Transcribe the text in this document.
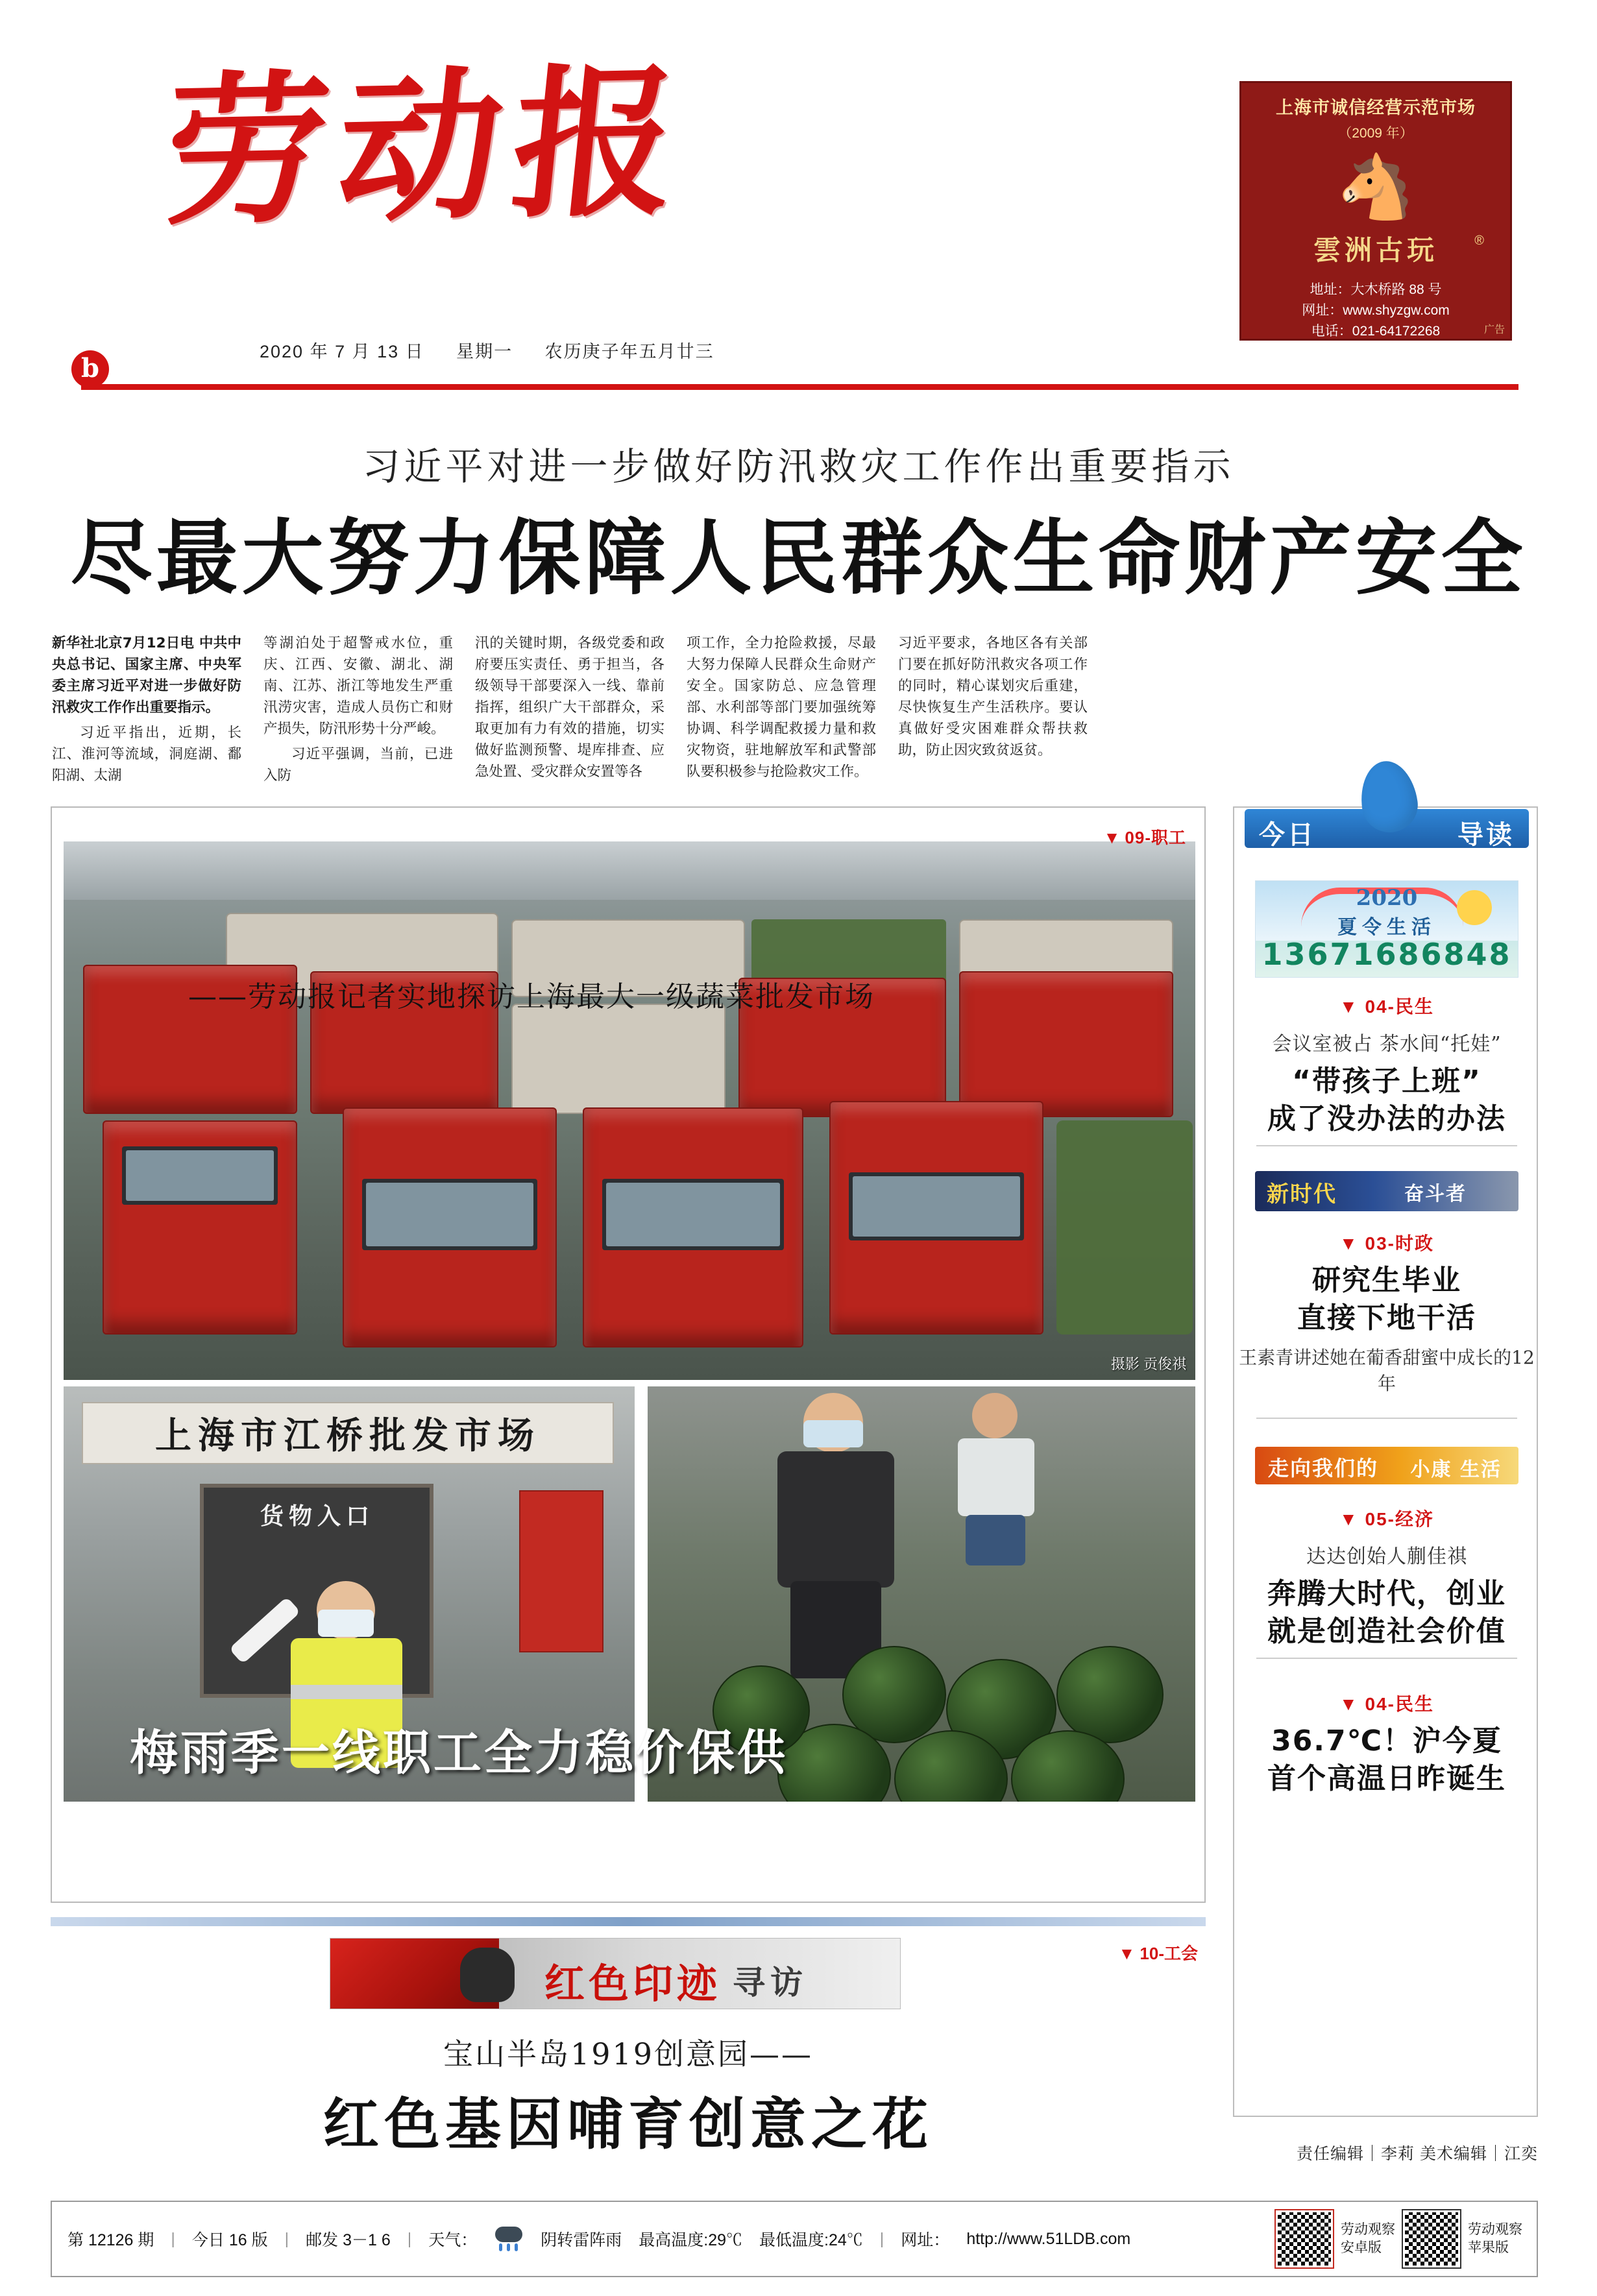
劳动报
b
2020 年 7 月 13 日 星期一 农历庚子年五月廿三
上海市诚信经营示范市场
（2009 年）
🐴
®
雲洲古玩
地址：大木桥路 88 号
网址：www.shyzgw.com
电话：021-64172268	广告
习近平对进一步做好防汛救灾工作作出重要指示
尽最大努力保障人民群众生命财产安全

新华社北京7月12日电 中共中央总书记、国家主席、中央军委主席习近平对进一步做好防汛救灾工作作出重要指示。

习近平指出，近期，长江、淮河等流域，洞庭湖、鄱阳湖、太湖

等湖泊处于超警戒水位，重庆、江西、安徽、湖北、湖南、江苏、浙江等地发生严重汛涝灾害，造成人员伤亡和财产损失，防汛形势十分严峻。

习近平强调，当前，已进入防

汛的关键时期，各级党委和政府要压实责任、勇于担当，各级领导干部要深入一线、靠前指挥，组织广大干部群众，采取更加有力有效的措施，切实做好监测预警、堤库排查、应急处置、受灾群众安置等各

项工作，全力抢险救援，尽最大努力保障人民群众生命财产安全。国家防总、应急管理部、水利部等部门要加强统筹协调、科学调配救援力量和救灾物资，驻地解放军和武警部队要积极参与抢险救灾工作。

习近平要求，各地区各有关部门要在抓好防汛救灾各项工作的同时，精心谋划灾后重建，尽快恢复生产生活秩序。要认真做好受灾困难群众帮扶救助，防止因灾致贫返贫。

▼ 09-职工
摄影 贡俊祺
上海市江桥批发市场
货物入口
梅雨季一线职工全力稳价保供
——劳动报记者实地探访上海最大一级蔬菜批发市场
▼ 10-工会
红色印迹 寻访
宝山半岛1919创意园——
红色基因哺育创意之花
今日	导读
2020
夏令生活
13671686848
▼ 04-民生
会议室被占 茶水间“托娃”
“带孩子上班”
成了没办法的办法
新时代	奋斗者
▼ 03-时政
研究生毕业
直接下地干活
王素青讲述她在葡香甜蜜中成长的12年
走向我们的 小康 生活
▼ 05-经济
达达创始人蒯佳祺
奔腾大时代，创业
就是创造社会价值
▼ 04-民生
36.7℃！沪今夏
首个高温日昨诞生
责任编辑｜李莉 美术编辑｜江奕
第 12126 期 | 今日 16 版 | 邮发 3－1 6 | 天气：	阴转雷阵雨 最高温度:29℃ 最低温度:24℃ | 网址： http://www.51LDB.com	劳动观察
安卓版
劳动观察
苹果版
